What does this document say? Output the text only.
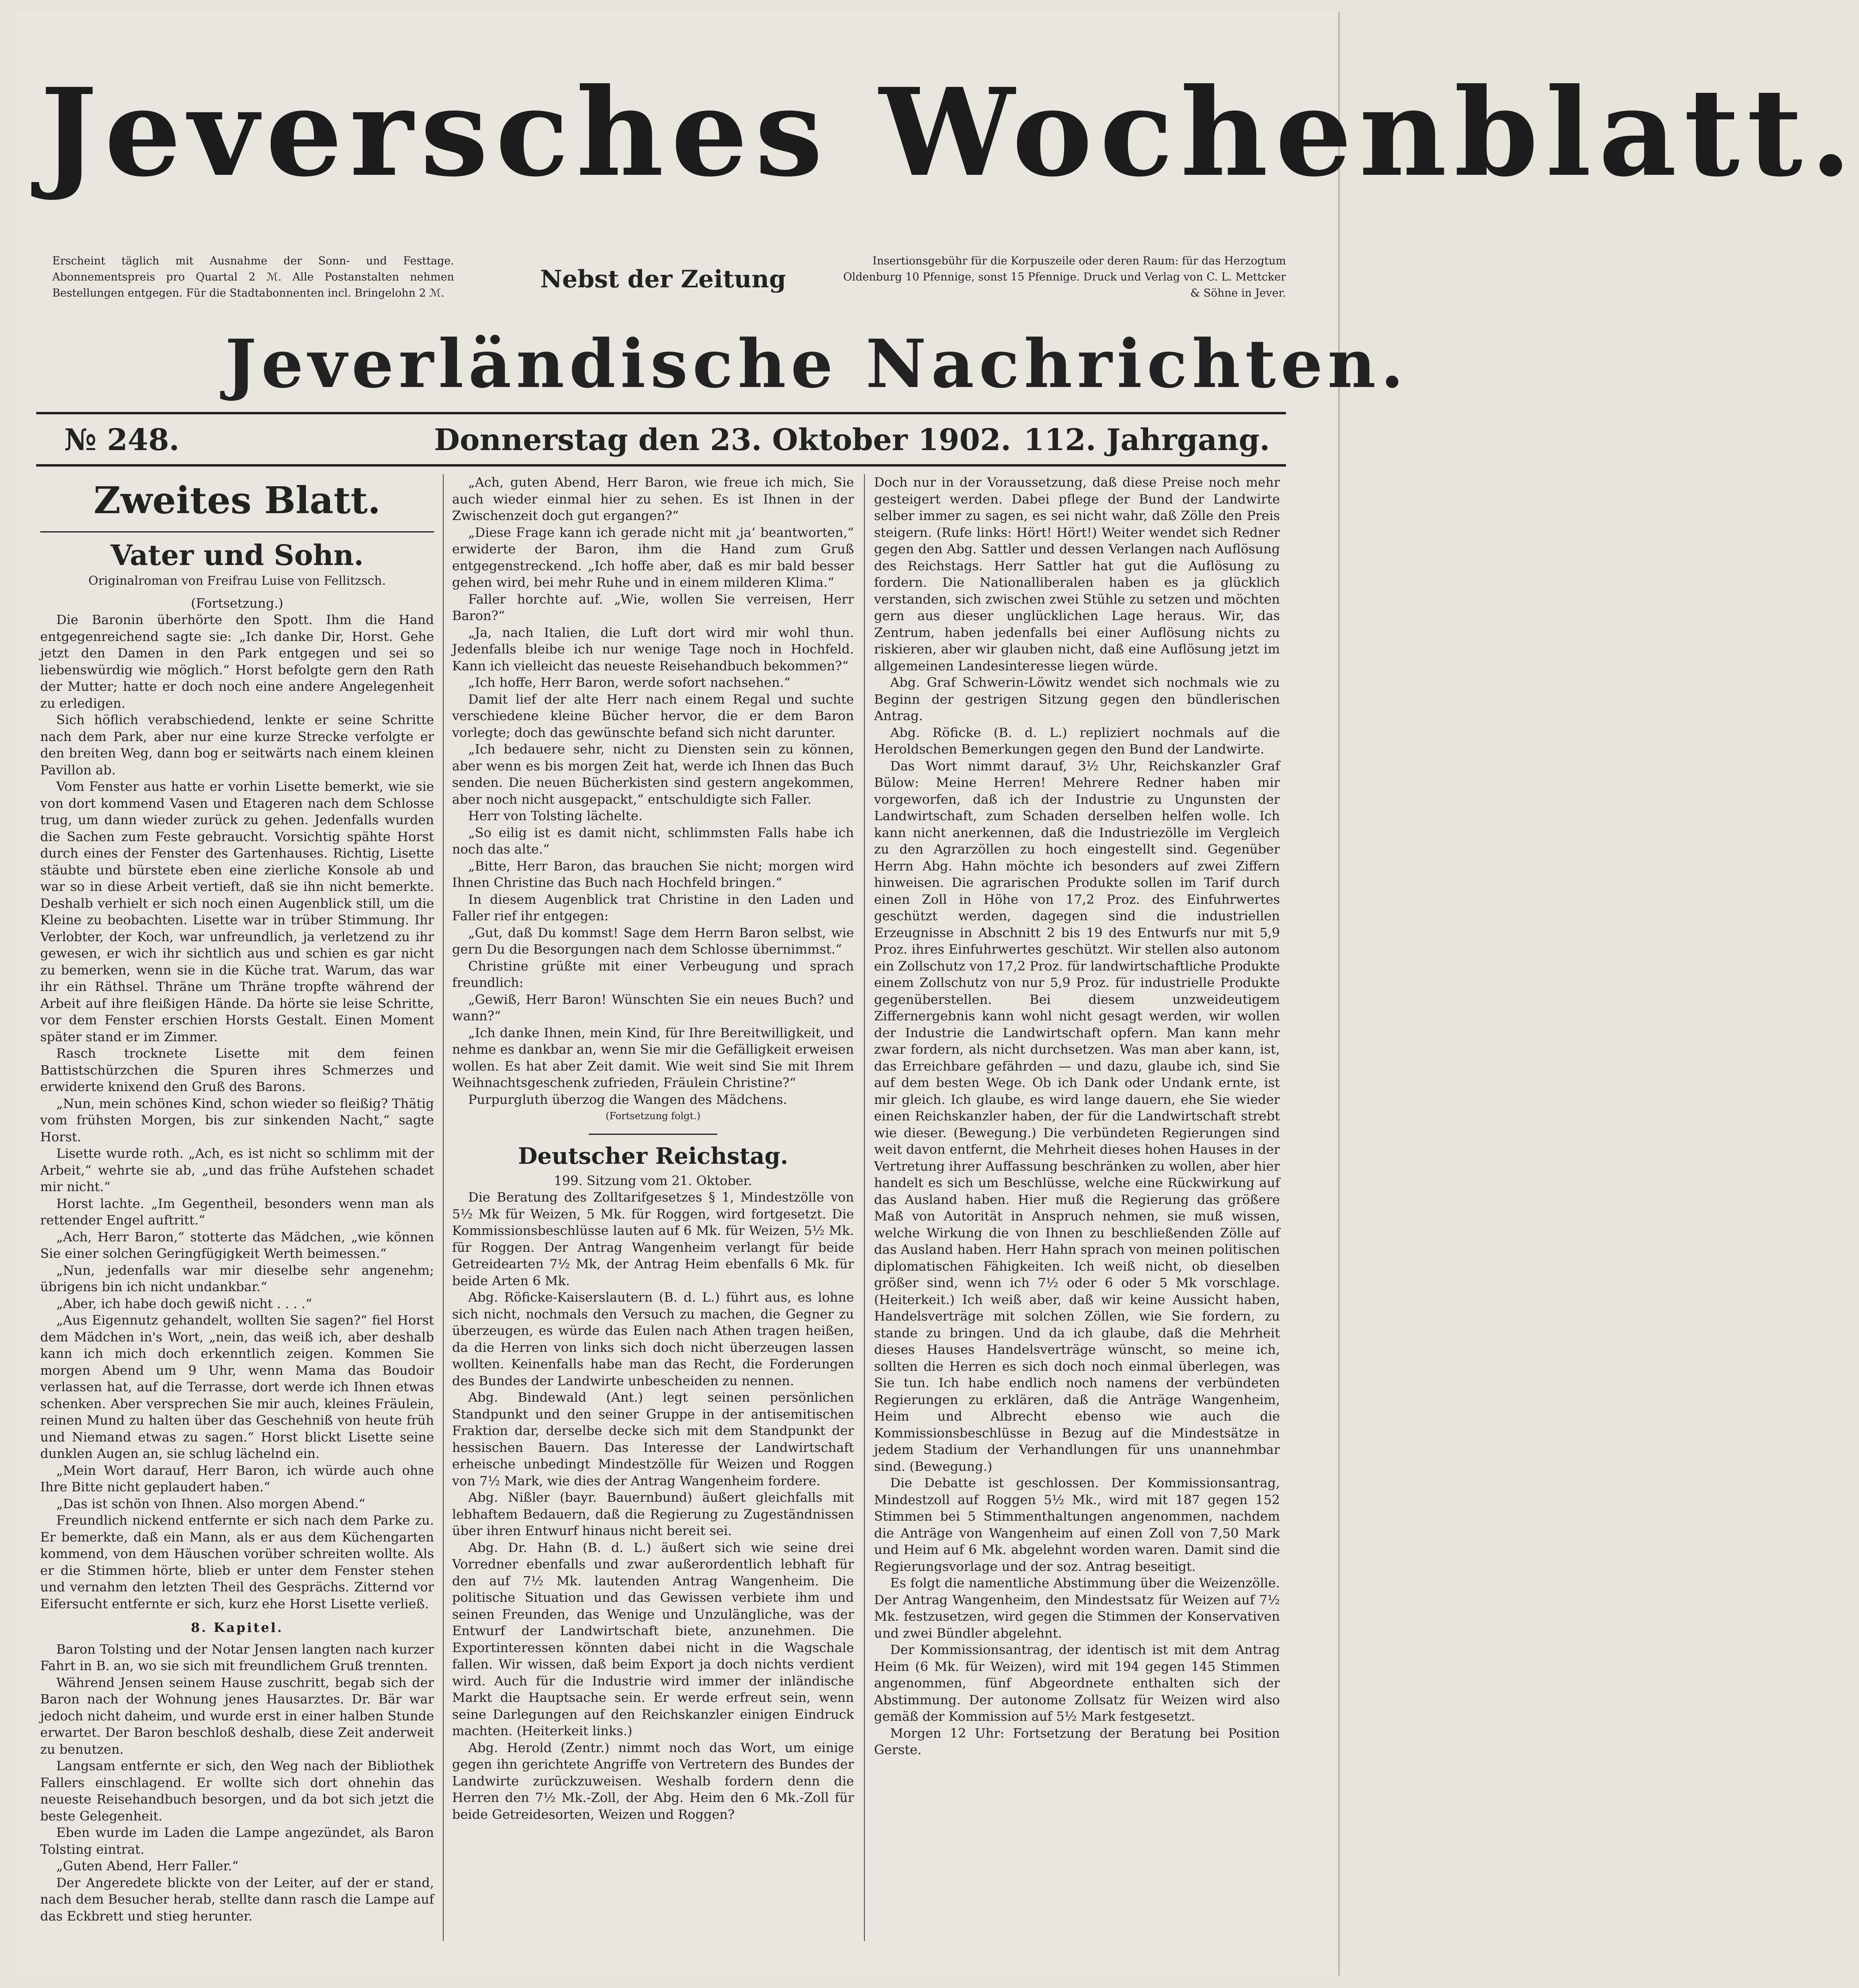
Jeversches Wochenblatt.
Erscheint täglich mit Ausnahme der Sonn- und Festtage. Abonnementspreis pro Quartal 2 ℳ. Alle Postanstalten nehmen Bestellungen entgegen. Für die Stadtabonnenten incl. Bringelohn 2 ℳ.	Nebst der Zeitung
Insertionsgebühr für die Korpuszeile oder deren Raum: für das Herzogtum Oldenburg 10 Pfennige, sonst 15 Pfennige. Druck und Verlag von C. L. Mettcker & Söhne in Jever.
Jeverländische Nachrichten.
№ 248.	Donnerstag den 23. Oktober 1902. 112. Jahrgang.
Zweites Blatt.
Vater und Sohn.
Originalroman von Freifrau Luise von Fellitzsch.

(Fortsetzung.)

Die Baronin überhörte den Spott. Ihm die Hand entgegenreichend sagte sie: „Ich danke Dir, Horst. Gehe jetzt den Damen in den Park entgegen und sei so liebenswürdig wie möglich.“ Horst befolgte gern den Rath der Mutter; hatte er doch noch eine andere Angelegenheit zu erledigen.

Sich höflich verabschiedend, lenkte er seine Schritte nach dem Park, aber nur eine kurze Strecke verfolgte er den breiten Weg, dann bog er seitwärts nach einem kleinen Pavillon ab.

Vom Fenster aus hatte er vorhin Lisette bemerkt, wie sie von dort kommend Vasen und Etageren nach dem Schlosse trug, um dann wieder zurück zu gehen. Jedenfalls wurden die Sachen zum Feste gebraucht. Vorsichtig spähte Horst durch eines der Fenster des Gartenhauses. Richtig, Lisette stäubte und bürstete eben eine zierliche Konsole ab und war so in diese Arbeit vertieft, daß sie ihn nicht bemerkte. Deshalb verhielt er sich noch einen Augenblick still, um die Kleine zu beobachten. Lisette war in trüber Stimmung. Ihr Verlobter, der Koch, war unfreundlich, ja verletzend zu ihr gewesen, er wich ihr sichtlich aus und schien es gar nicht zu bemerken, wenn sie in die Küche trat. Warum, das war ihr ein Räthsel. Thräne um Thräne tropfte während der Arbeit auf ihre fleißigen Hände. Da hörte sie leise Schritte, vor dem Fenster erschien Horsts Gestalt. Einen Moment später stand er im Zimmer.

Rasch trocknete Lisette mit dem feinen Battistschürzchen die Spuren ihres Schmerzes und erwiderte knixend den Gruß des Barons.

„Nun, mein schönes Kind, schon wieder so fleißig? Thätig vom frühsten Morgen, bis zur sinkenden Nacht,“ sagte Horst.

Lisette wurde roth. „Ach, es ist nicht so schlimm mit der Arbeit,“ wehrte sie ab, „und das frühe Aufstehen schadet mir nicht.“

Horst lachte. „Im Gegentheil, besonders wenn man als rettender Engel auftritt.“

„Ach, Herr Baron,“ stotterte das Mädchen, „wie können Sie einer solchen Geringfügigkeit Werth beimessen.“

„Nun, jedenfalls war mir dieselbe sehr angenehm; übrigens bin ich nicht undankbar.“

„Aber, ich habe doch gewiß nicht . . . .“

„Aus Eigennutz gehandelt, wollten Sie sagen?“ fiel Horst dem Mädchen in's Wort, „nein, das weiß ich, aber deshalb kann ich mich doch erkenntlich zeigen. Kommen Sie morgen Abend um 9 Uhr, wenn Mama das Boudoir verlassen hat, auf die Terrasse, dort werde ich Ihnen etwas schenken. Aber versprechen Sie mir auch, kleines Fräulein, reinen Mund zu halten über das Geschehniß von heute früh und Niemand etwas zu sagen.“ Horst blickt Lisette seine dunklen Augen an, sie schlug lächelnd ein.

„Mein Wort darauf, Herr Baron, ich würde auch ohne Ihre Bitte nicht geplaudert haben.“

„Das ist schön von Ihnen. Also morgen Abend.“

Freundlich nickend entfernte er sich nach dem Parke zu. Er bemerkte, daß ein Mann, als er aus dem Küchengarten kommend, von dem Häuschen vorüber schreiten wollte. Als er die Stimmen hörte, blieb er unter dem Fenster stehen und vernahm den letzten Theil des Gesprächs. Zitternd vor Eifersucht entfernte er sich, kurz ehe Horst Lisette verließ.

8. Kapitel.

Baron Tolsting und der Notar Jensen langten nach kurzer Fahrt in B. an, wo sie sich mit freundlichem Gruß trennten.

Während Jensen seinem Hause zuschritt, begab sich der Baron nach der Wohnung jenes Hausarztes. Dr. Bär war jedoch nicht daheim, und wurde erst in einer halben Stunde erwartet. Der Baron beschloß deshalb, diese Zeit anderweit zu benutzen.

Langsam entfernte er sich, den Weg nach der Bibliothek Fallers einschlagend. Er wollte sich dort ohnehin das neueste Reisehandbuch besorgen, und da bot sich jetzt die beste Gelegenheit.

Eben wurde im Laden die Lampe angezündet, als Baron Tolsting eintrat.

„Guten Abend, Herr Faller.“

Der Angeredete blickte von der Leiter, auf der er stand, nach dem Besucher herab, stellte dann rasch die Lampe auf das Eckbrett und stieg herunter.

„Ach, guten Abend, Herr Baron, wie freue ich mich, Sie auch wieder einmal hier zu sehen. Es ist Ihnen in der Zwischenzeit doch gut ergangen?“

„Diese Frage kann ich gerade nicht mit ‚ja‘ beantworten,“ erwiderte der Baron, ihm die Hand zum Gruß entgegenstreckend. „Ich hoffe aber, daß es mir bald besser gehen wird, bei mehr Ruhe und in einem milderen Klima.“

Faller horchte auf. „Wie, wollen Sie verreisen, Herr Baron?“

„Ja, nach Italien, die Luft dort wird mir wohl thun. Jedenfalls bleibe ich nur wenige Tage noch in Hochfeld. Kann ich vielleicht das neueste Reisehandbuch bekommen?“

„Ich hoffe, Herr Baron, werde sofort nachsehen.“

Damit lief der alte Herr nach einem Regal und suchte verschiedene kleine Bücher hervor, die er dem Baron vorlegte; doch das gewünschte befand sich nicht darunter.

„Ich bedauere sehr, nicht zu Diensten sein zu können, aber wenn es bis morgen Zeit hat, werde ich Ihnen das Buch senden. Die neuen Bücherkisten sind gestern angekommen, aber noch nicht ausgepackt,“ entschuldigte sich Faller.

Herr von Tolsting lächelte.

„So eilig ist es damit nicht, schlimmsten Falls habe ich noch das alte.“

„Bitte, Herr Baron, das brauchen Sie nicht; morgen wird Ihnen Christine das Buch nach Hochfeld bringen.“

In diesem Augenblick trat Christine in den Laden und Faller rief ihr entgegen:

„Gut, daß Du kommst! Sage dem Herrn Baron selbst, wie gern Du die Besorgungen nach dem Schlosse übernimmst.“

Christine grüßte mit einer Verbeugung und sprach freundlich:

„Gewiß, Herr Baron! Wünschten Sie ein neues Buch? und wann?“

„Ich danke Ihnen, mein Kind, für Ihre Bereitwilligkeit, und nehme es dankbar an, wenn Sie mir die Gefälligkeit erweisen wollen. Es hat aber Zeit damit. Wie weit sind Sie mit Ihrem Weihnachtsgeschenk zufrieden, Fräulein Christine?“

Purpurgluth überzog die Wangen des Mädchens.

(Fortsetzung folgt.)

Deutscher Reichstag.

199. Sitzung vom 21. Oktober.

Die Beratung des Zolltarifgesetzes § 1, Mindestzölle von 5½ Mk für Weizen, 5 Mk. für Roggen, wird fortgesetzt. Die Kommissionsbeschlüsse lauten auf 6 Mk. für Weizen, 5½ Mk. für Roggen. Der Antrag Wangenheim verlangt für beide Getreidearten 7½ Mk, der Antrag Heim ebenfalls 6 Mk. für beide Arten 6 Mk.

Abg. Röficke-Kaiserslautern (B. d. L.) führt aus, es lohne sich nicht, nochmals den Versuch zu machen, die Gegner zu überzeugen, es würde das Eulen nach Athen tragen heißen, da die Herren von links sich doch nicht überzeugen lassen wollten. Keinenfalls habe man das Recht, die Forderungen des Bundes der Landwirte unbescheiden zu nennen.

Abg. Bindewald (Ant.) legt seinen persönlichen Standpunkt und den seiner Gruppe in der antisemitischen Fraktion dar, derselbe decke sich mit dem Standpunkt der hessischen Bauern. Das Interesse der Landwirtschaft erheische unbedingt Mindestzölle für Weizen und Roggen von 7½ Mark, wie dies der Antrag Wangenheim fordere.

Abg. Nißler (bayr. Bauernbund) äußert gleichfalls mit lebhaftem Bedauern, daß die Regierung zu Zugeständnissen über ihren Entwurf hinaus nicht bereit sei.

Abg. Dr. Hahn (B. d. L.) äußert sich wie seine drei Vorredner ebenfalls und zwar außerordentlich lebhaft für den auf 7½ Mk. lautenden Antrag Wangenheim. Die politische Situation und das Gewissen verbiete ihm und seinen Freunden, das Wenige und Unzulängliche, was der Entwurf der Landwirtschaft biete, anzunehmen. Die Exportinteressen könnten dabei nicht in die Wagschale fallen. Wir wissen, daß beim Export ja doch nichts verdient wird. Auch für die Industrie wird immer der inländische Markt die Hauptsache sein. Er werde erfreut sein, wenn seine Darlegungen auf den Reichskanzler einigen Eindruck machten. (Heiterkeit links.)

Abg. Herold (Zentr.) nimmt noch das Wort, um einige gegen ihn gerichtete Angriffe von Vertretern des Bundes der Landwirte zurückzuweisen. Weshalb fordern denn die Herren den 7½ Mk.-Zoll, der Abg. Heim den 6 Mk.-Zoll für beide Getreidesorten, Weizen und Roggen?

Doch nur in der Voraussetzung, daß diese Preise noch mehr gesteigert werden. Dabei pflege der Bund der Landwirte selber immer zu sagen, es sei nicht wahr, daß Zölle den Preis steigern. (Rufe links: Hört! Hört!) Weiter wendet sich Redner gegen den Abg. Sattler und dessen Verlangen nach Auflösung des Reichstags. Herr Sattler hat gut die Auflösung zu fordern. Die Nationalliberalen haben es ja glücklich verstanden, sich zwischen zwei Stühle zu setzen und möchten gern aus dieser unglücklichen Lage heraus. Wir, das Zentrum, haben jedenfalls bei einer Auflösung nichts zu riskieren, aber wir glauben nicht, daß eine Auflösung jetzt im allgemeinen Landesinteresse liegen würde.

Abg. Graf Schwerin-Löwitz wendet sich nochmals wie zu Beginn der gestrigen Sitzung gegen den bündlerischen Antrag.

Abg. Röficke (B. d. L.) repliziert nochmals auf die Heroldschen Bemerkungen gegen den Bund der Landwirte.

Das Wort nimmt darauf, 3½ Uhr, Reichskanzler Graf Bülow: Meine Herren! Mehrere Redner haben mir vorgeworfen, daß ich der Industrie zu Ungunsten der Landwirtschaft, zum Schaden derselben helfen wolle. Ich kann nicht anerkennen, daß die Industriezölle im Vergleich zu den Agrarzöllen zu hoch eingestellt sind. Gegenüber Herrn Abg. Hahn möchte ich besonders auf zwei Ziffern hinweisen. Die agrarischen Produkte sollen im Tarif durch einen Zoll in Höhe von 17,2 Proz. des Einfuhrwertes geschützt werden, dagegen sind die industriellen Erzeugnisse in Abschnitt 2 bis 19 des Entwurfs nur mit 5,9 Proz. ihres Einfuhrwertes geschützt. Wir stellen also autonom ein Zollschutz von 17,2 Proz. für landwirtschaftliche Produkte einem Zollschutz von nur 5,9 Proz. für industrielle Produkte gegenüberstellen. Bei diesem unzweideutigem Ziffernergebnis kann wohl nicht gesagt werden, wir wollen der Industrie die Landwirtschaft opfern. Man kann mehr zwar fordern, als nicht durchsetzen. Was man aber kann, ist, das Erreichbare gefährden — und dazu, glaube ich, sind Sie auf dem besten Wege. Ob ich Dank oder Undank ernte, ist mir gleich. Ich glaube, es wird lange dauern, ehe Sie wieder einen Reichskanzler haben, der für die Landwirtschaft strebt wie dieser. (Bewegung.) Die verbündeten Regierungen sind weit davon entfernt, die Mehrheit dieses hohen Hauses in der Vertretung ihrer Auffassung beschränken zu wollen, aber hier handelt es sich um Beschlüsse, welche eine Rückwirkung auf das Ausland haben. Hier muß die Regierung das größere Maß von Autorität in Anspruch nehmen, sie muß wissen, welche Wirkung die von Ihnen zu beschließenden Zölle auf das Ausland haben. Herr Hahn sprach von meinen politischen diplomatischen Fähigkeiten. Ich weiß nicht, ob dieselben größer sind, wenn ich 7½ oder 6 oder 5 Mk vorschlage. (Heiterkeit.) Ich weiß aber, daß wir keine Aussicht haben, Handelsverträge mit solchen Zöllen, wie Sie fordern, zu stande zu bringen. Und da ich glaube, daß die Mehrheit dieses Hauses Handelsverträge wünscht, so meine ich, sollten die Herren es sich doch noch einmal überlegen, was Sie tun. Ich habe endlich noch namens der verbündeten Regierungen zu erklären, daß die Anträge Wangenheim, Heim und Albrecht ebenso wie auch die Kommissionsbeschlüsse in Bezug auf die Mindestsätze in jedem Stadium der Verhandlungen für uns unannehmbar sind. (Bewegung.)

Die Debatte ist geschlossen. Der Kommissionsantrag, Mindestzoll auf Roggen 5½ Mk., wird mit 187 gegen 152 Stimmen bei 5 Stimmenthaltungen angenommen, nachdem die Anträge von Wangenheim auf einen Zoll von 7,50 Mark und Heim auf 6 Mk. abgelehnt worden waren. Damit sind die Regierungsvorlage und der soz. Antrag beseitigt.

Es folgt die namentliche Abstimmung über die Weizenzölle. Der Antrag Wangenheim, den Mindestsatz für Weizen auf 7½ Mk. festzusetzen, wird gegen die Stimmen der Konservativen und zwei Bündler abgelehnt.

Der Kommissionsantrag, der identisch ist mit dem Antrag Heim (6 Mk. für Weizen), wird mit 194 gegen 145 Stimmen angenommen, fünf Abgeordnete enthalten sich der Abstimmung. Der autonome Zollsatz für Weizen wird also gemäß der Kommission auf 5½ Mark festgesetzt.

Morgen 12 Uhr: Fortsetzung der Beratung bei Position Gerste.
